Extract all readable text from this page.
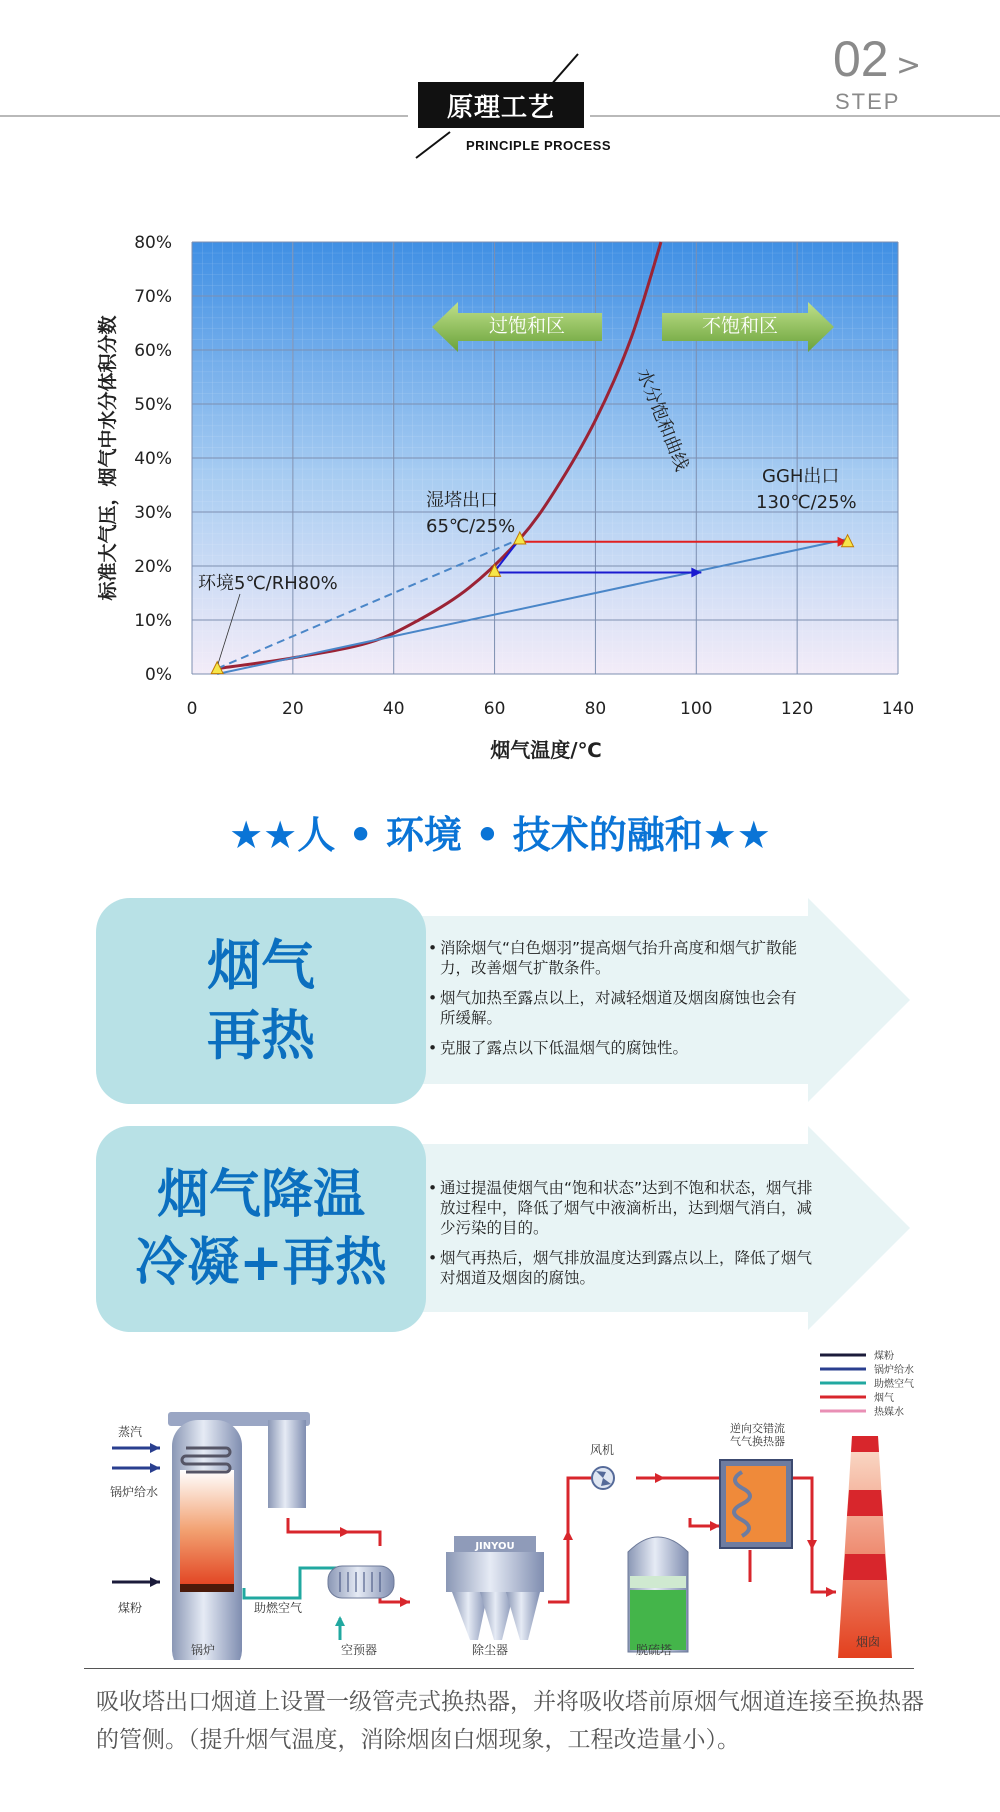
原理工艺
PRINCIPLE PROCESS
02 >
STEP
0	20	40	60	80	100	120	140
0%
10%
20%
30%
40%
50%
60%
70%
80%
过饱和区	不饱和区
水分饱和曲线
湿塔出口
65℃/25%
GGH出口
130℃/25%
环境5℃/RH80%
烟气温度/℃
标准大气压，烟气中水分体积分数
★★人 • 环境 • 技术的融和★★
烟气
再热
• 消除烟气“白色烟羽”提高烟气抬升高度和烟气扩散能力，改善烟气扩散条件。
• 烟气加热至露点以上，对减轻烟道及烟囱腐蚀也会有所缓解。
• 克服了露点以下低温烟气的腐蚀性。
烟气降温
冷凝+再热
• 通过提温使烟气由“饱和状态”达到不饱和状态，烟气排放过程中，降低了烟气中液滴析出，达到烟气消白，减少污染的目的。
• 烟气再热后，烟气排放温度达到露点以上，降低了烟气对烟道及烟囱的腐蚀。
煤粉
锅炉给水
助燃空气
烟气
热媒水
JINYOU
蒸汽
锅炉给水
煤粉
锅炉
助燃空气
空预器	除尘器
风机
脱硫塔
逆向交错流 气气换热器
烟囱
吸收塔出口烟道上设置一级管壳式换热器，并将吸收塔前原烟气烟道连接至换热器的管侧。（提升烟气温度，消除烟囱白烟现象，工程改造量小）。
